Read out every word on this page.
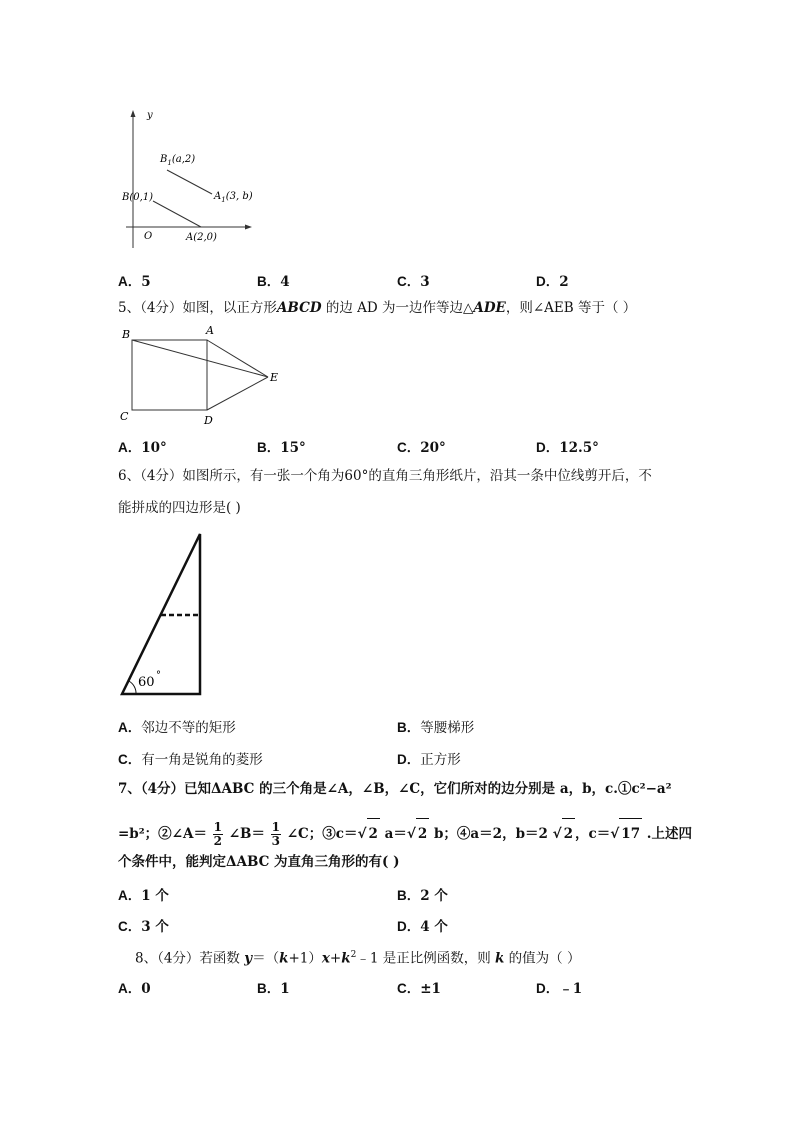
y
O
$B_1(a,2)$
$A_1(3$, b)
B(0,1)
A(2,0)
A．5	B．4	C．3	D．2
5、（4分）如图，以正方形ABCD 的边 AD 为一边作等边△ADE，则∠AEB 等于（ ）
B	A
E
C	D
A．10°	B．15°	C．20°	D．12.5°
6、（4分）如图所示，有一张一个角为60°的直角三角形纸片，沿其一条中位线剪开后，不
能拼成的四边形是( )
60 °
A．邻边不等的矩形	B．等腰梯形
C．有一角是锐角的菱形	D．正方形
7、（4分）已知ΔABC 的三个角是∠A，∠B，∠C，它们所对的边分别是 a，b，c.①c²−a²
=b²；②∠A＝ $\frac{1}{2}$ ∠B＝ $\frac{1}{3}$ ∠C；③c＝√ 2 a＝√ 2 b；④a＝2，b＝2 √ 2 ，c＝√ 17 .上述四
个条件中，能判定ΔABC 为直角三角形的有( )
A．1 个	B．2 个
C．3 个	D．4 个
8、（4分）若函数 $y=(k+1)x+k^2﹣1$ 是正比例函数，则 k 的值为（ ）
A．0	B．1	C．±1	D．﹣1
